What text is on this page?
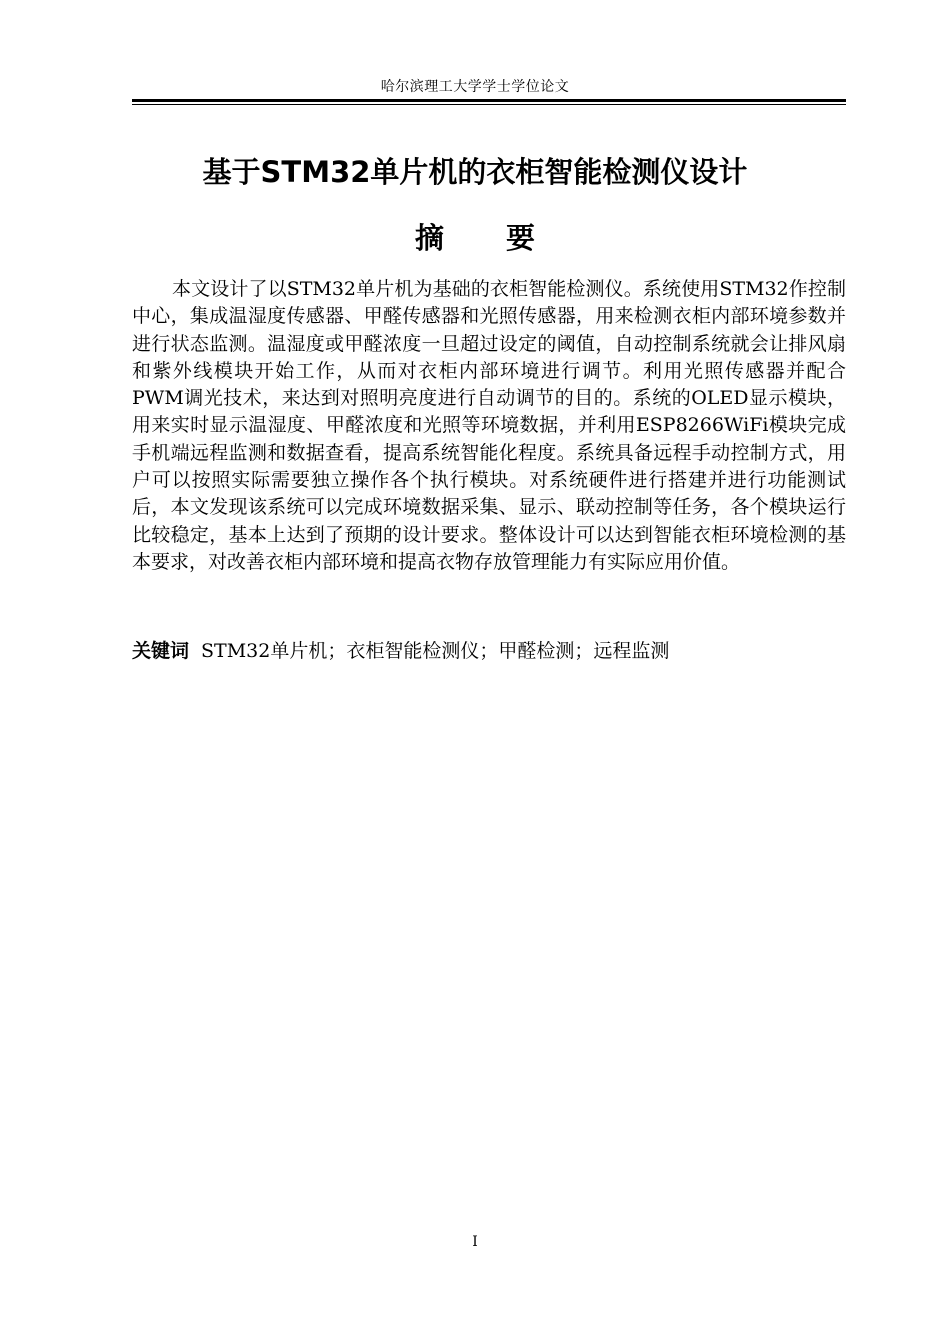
哈尔滨理工大学学士学位论文
基于STM32单片机的衣柜智能检测仪设计
摘 要

本文设计了以STM32单片机为基础的衣柜智能检测仪。系统使用STM32作控制中心，集成温湿度传感器、甲醛传感器和光照传感器，用来检测衣柜内部环境参数并进行状态监测。温湿度或甲醛浓度一旦超过设定的阈值，自动控制系统就会让排风扇和紫外线模块开始工作，从而对衣柜内部环境进行调节。利用光照传感器并配合PWM调光技术，来达到对照明亮度进行自动调节的目的。系统的OLED显示模块，用来实时显示温湿度、甲醛浓度和光照等环境数据，并利用ESP8266WiFi模块完成手机端远程监测和数据查看，提高系统智能化程度。系统具备远程手动控制方式，用户可以按照实际需要独立操作各个执行模块。对系统硬件进行搭建并进行功能测试后，本文发现该系统可以完成环境数据采集、显示、联动控制等任务，各个模块运行比较稳定，基本上达到了预期的设计要求。整体设计可以达到智能衣柜环境检测的基本要求，对改善衣柜内部环境和提高衣物存放管理能力有实际应用价值。

关键词 STM32单片机；衣柜智能检测仪；甲醛检测；远程监测

I
